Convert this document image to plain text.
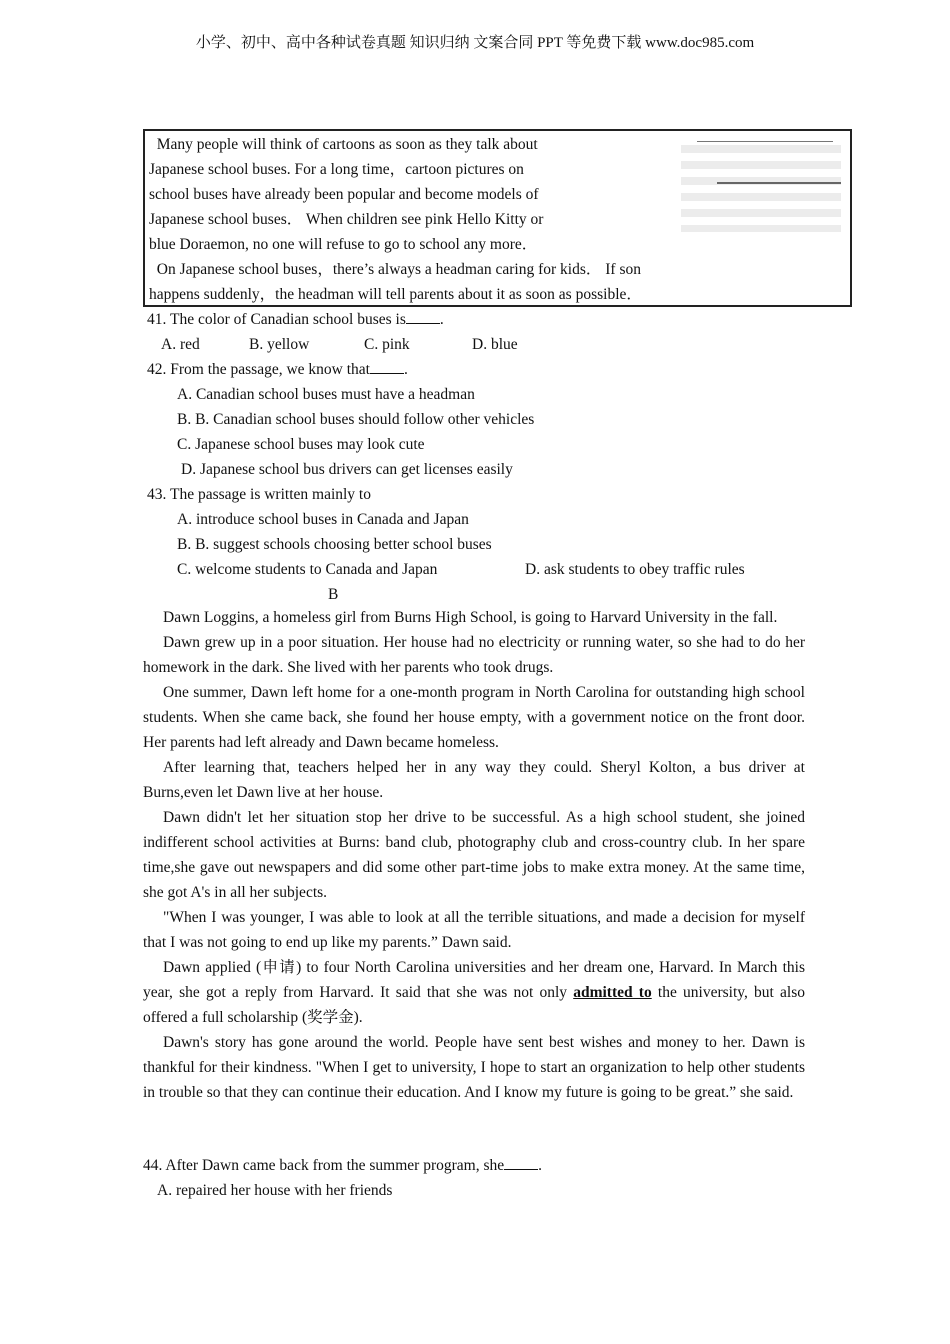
小学、初中、高中各种试卷真题 知识归纳 文案合同 PPT 等免费下载 www.doc985.com
Many people will think of cartoons as soon as they talk about
Japanese school buses. For a long time，cartoon pictures on
school buses have already been popular and become models of
Japanese school buses． When children see pink Hello Kitty or
blue Doraemon, no one will refuse to go to school any more．
On Japanese school buses，there’s always a headman caring for kids． If son
happens suddenly，the headman will tell parents about it as soon as possible．
41. The color of Canadian school buses is .
A. red	B. yellow	C. pink	D. blue
42. From the passage, we know that .
A. Canadian school buses must have a headman
B. B. Canadian school buses should follow other vehicles
C. Japanese school buses may look cute
D. Japanese school bus drivers can get licenses easily
43. The passage is written mainly to
A. introduce school buses in Canada and Japan
B. B. suggest schools choosing better school buses
C. welcome students to Canada and Japan	D. ask students to obey traffic rules
B

Dawn Loggins, a homeless girl from Burns High School, is going to Harvard University in the fall.

Dawn grew up in a poor situation. Her house had no electricity or running water, so she had to do her homework in the dark. She lived with her parents who took drugs.

One summer, Dawn left home for a one-month program in North Carolina for outstanding high school students. When she came back, she found her house empty, with a government notice on the front door. Her parents had left already and Dawn became homeless.

After learning that, teachers helped her in any way they could. Sheryl Kolton, a bus driver at Burns,even let Dawn live at her house.

Dawn didn't let her situation stop her drive to be successful. As a high school student, she joined indifferent school activities at Burns: band club, photography club and cross-country club. In her spare time,she gave out newspapers and did some other part-time jobs to make extra money. At the same time, she got A's in all her subjects.

"When I was younger, I was able to look at all the terrible situations, and made a decision for myself that I was not going to end up like my parents.” Dawn said.

Dawn applied (申请) to four North Carolina universities and her dream one, Harvard. In March this year, she got a reply from Harvard. It said that she was not only admitted to the university, but also offered a full scholarship (奖学金).

Dawn's story has gone around the world. People have sent best wishes and money to her. Dawn is thankful for their kindness. "When I get to university, I hope to start an organization to help other students in trouble so that they can continue their education. And I know my future is going to be great.” she said.

44. After Dawn came back from the summer program, she .
A. repaired her house with her friends
